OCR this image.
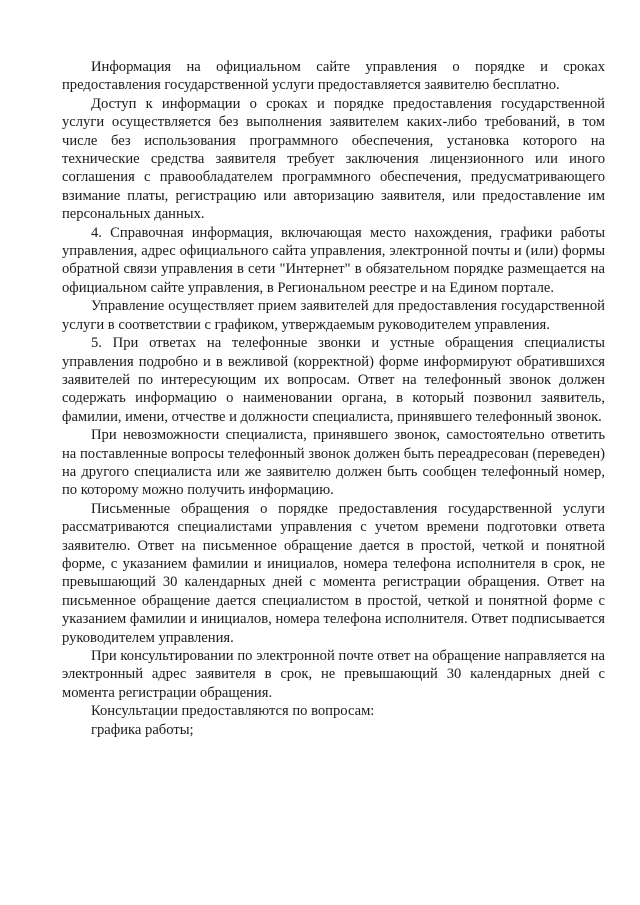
Информация на официальном сайте управления о порядке и сроках предоставления государственной услуги предоставляется заявителю бесплатно.

Доступ к информации о сроках и порядке предоставления государственной услуги осуществляется без выполнения заявителем каких-либо требований, в том числе без использования программного обеспечения, установка которого на технические средства заявителя требует заключения лицензионного или иного соглашения с правообладателем программного обеспечения, предусматривающего взимание платы, регистрацию или авторизацию заявителя, или предоставление им персональных данных.

4. Справочная информация, включающая место нахождения, графики работы управления, адрес официального сайта управления, электронной почты и (или) формы обратной связи управления в сети "Интернет" в обязательном порядке размещается на официальном сайте управления, в Региональном реестре и на Едином портале.

Управление осуществляет прием заявителей для предоставления государственной услуги в соответствии с графиком, утверждаемым руководителем управления.

5. При ответах на телефонные звонки и устные обращения специалисты управления подробно и в вежливой (корректной) форме информируют обратившихся заявителей по интересующим их вопросам. Ответ на телефонный звонок должен содержать информацию о наименовании органа, в который позвонил заявитель, фамилии, имени, отчестве и должности специалиста, принявшего телефонный звонок.

При невозможности специалиста, принявшего звонок, самостоятельно ответить на поставленные вопросы телефонный звонок должен быть переадресован (переведен) на другого специалиста или же заявителю должен быть сообщен телефонный номер, по которому можно получить информацию.

Письменные обращения о порядке предоставления государственной услуги рассматриваются специалистами управления с учетом времени подготовки ответа заявителю. Ответ на письменное обращение дается в простой, четкой и понятной форме, с указанием фамилии и инициалов, номера телефона исполнителя в срок, не превышающий 30 календарных дней с момента регистрации обращения. Ответ на письменное обращение дается специалистом в простой, четкой и понятной форме с указанием фамилии и инициалов, номера телефона исполнителя. Ответ подписывается руководителем управления.

При консультировании по электронной почте ответ на обращение направляется на электронный адрес заявителя в срок, не превышающий 30 календарных дней с момента регистрации обращения.

Консультации предоставляются по вопросам:

графика работы;
